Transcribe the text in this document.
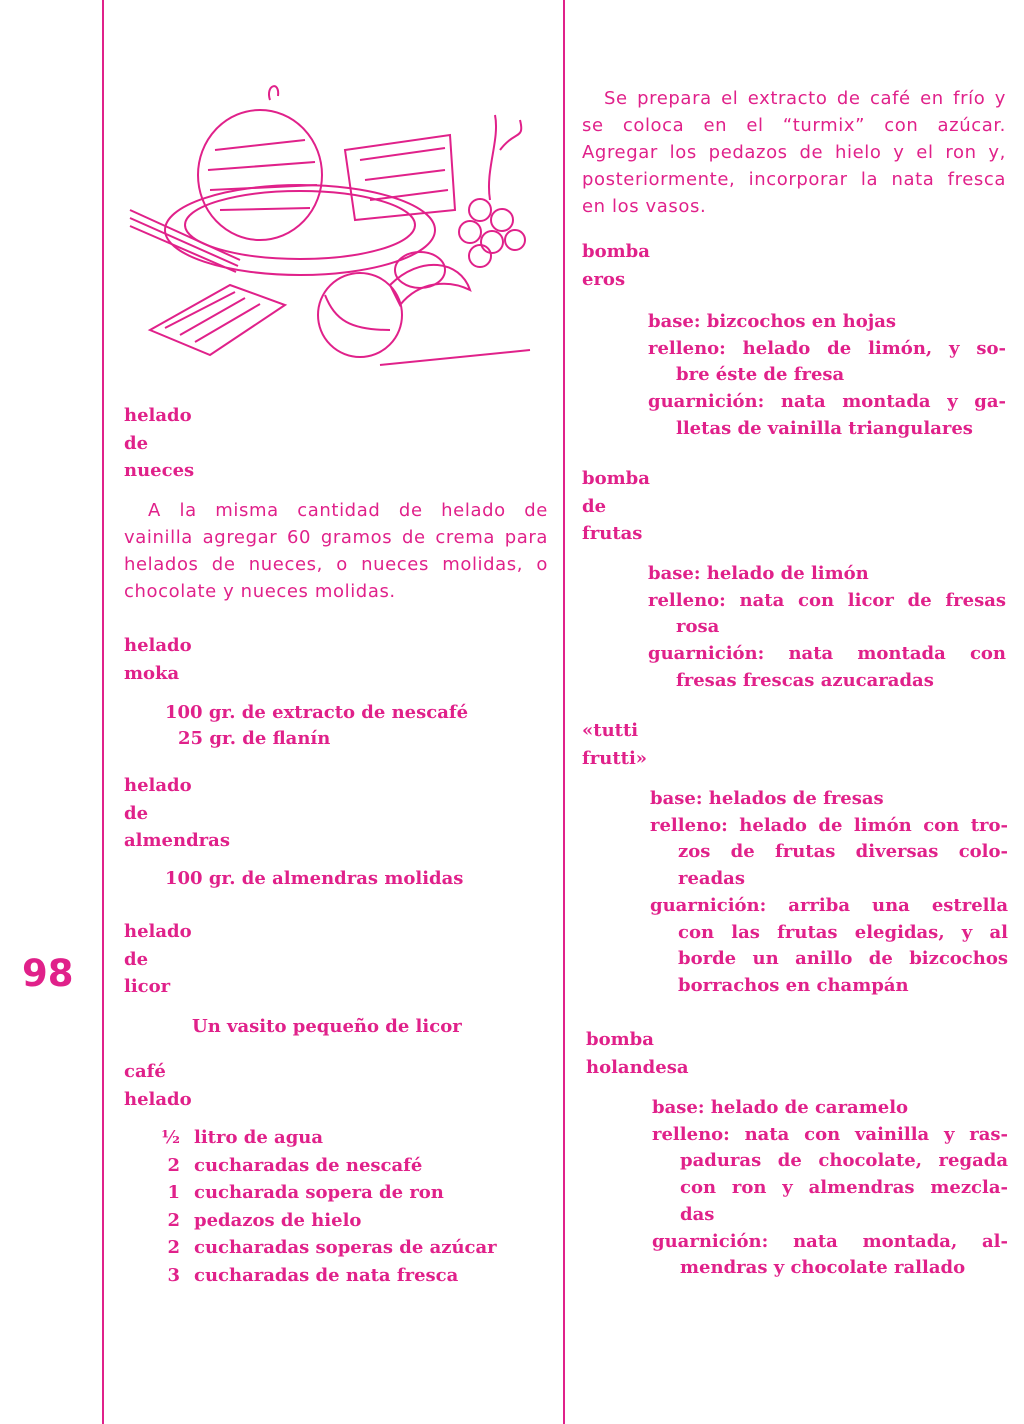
98
helado
de
nueces
A la misma cantidad de helado de vainilla agregar 60 gramos de crema para helados de nueces, o nueces molidas, o chocolate y nueces molidas.
helado
moka
100 gr. de extracto de nescafé
25 gr. de flanín
helado
de
almendras
100 gr. de almendras molidas
helado
de
licor
Un vasito pequeño de licor
café
helado
½ litro de agua
2 cucharadas de nescafé
1 cucharada sopera de ron
2 pedazos de hielo
2 cucharadas soperas de azúcar
3 cucharadas de nata fresca
Se prepara el extracto de café en frío y se coloca en el “turmix” con azúcar. Agregar los pedazos de hielo y el ron y, posteriormente, incorporar la nata fresca en los vasos.
bomba
eros
base: bizcochos en hojas
relleno: helado de limón, y so-
bre éste de fresa
guarnición: nata montada y ga-
lletas de vainilla triangulares
bomba
de
frutas
base: helado de limón
relleno: nata con licor de fresas
rosa
guarnición: nata montada con
fresas frescas azucaradas
«tutti
frutti»
base: helados de fresas
relleno: helado de limón con tro-
zos de frutas diversas colo-
readas
guarnición: arriba una estrella
con las frutas elegidas, y al
borde un anillo de bizcochos
borrachos en champán
bomba
holandesa
base: helado de caramelo
relleno: nata con vainilla y ras-
paduras de chocolate, regada
con ron y almendras mezcla-
das
guarnición: nata montada, al-
mendras y chocolate rallado
